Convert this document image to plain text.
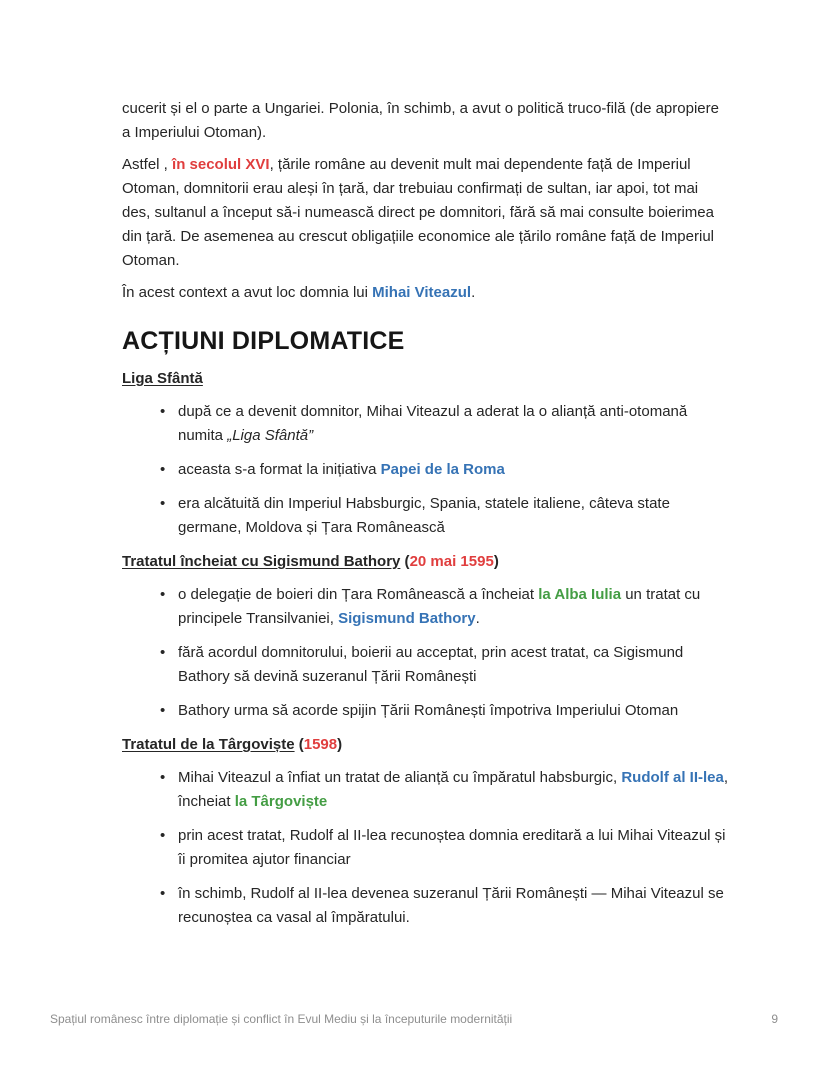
cucerit și el o parte a Ungariei. Polonia, în schimb, a avut o politică truco-filă (de apropiere a Imperiului Otoman).

Astfel , în secolul XVI, țările române au devenit mult mai dependente față de Imperiul Otoman, domnitorii erau aleși în țară, dar trebuiau confirmați de sultan, iar apoi, tot mai des, sultanul a început să-i numească direct pe domnitori, fără să mai consulte boierimea din țară. De asemenea au crescut obligațiile economice ale țărilo române față de Imperiul Otoman.

În acest context a avut loc domnia lui Mihai Viteazul.

ACȚIUNI DIPLOMATICE

Liga Sfântă

• după ce a devenit domnitor, Mihai Viteazul a aderat la o alianță anti-otomană numita „Liga Sfântă”
• aceasta s-a format la inițiativa Papei de la Roma
• era alcătuită din Imperiul Habsburgic, Spania, statele italiene, câteva state germane, Moldova și Țara Românească

Tratatul încheiat cu Sigismund Bathory (20 mai 1595)

• o delegație de boieri din Țara Românească a încheiat la Alba Iulia un tratat cu principele Transilvaniei, Sigismund Bathory.
• fără acordul domnitorului, boierii au acceptat, prin acest tratat, ca Sigismund Bathory să devină suzeranul Țării Românești
• Bathory urma să acorde spijin Țării Românești împotriva Imperiului Otoman

Tratatul de la Târgoviște (1598)

• Mihai Viteazul a înfiat un tratat de alianță cu împăratul habsburgic, Rudolf al II-lea, încheiat la Târgoviște
• prin acest tratat, Rudolf al II-lea recunoștea domnia ereditară a lui Mihai Viteazul și îi promitea ajutor financiar
• în schimb, Rudolf al II-lea devenea suzeranul Țării Românești — Mihai Viteazul se recunoștea ca vasal al împăratului.
Spațiul românesc între diplomație și conflict în Evul Mediu și la începuturile modernității	9
